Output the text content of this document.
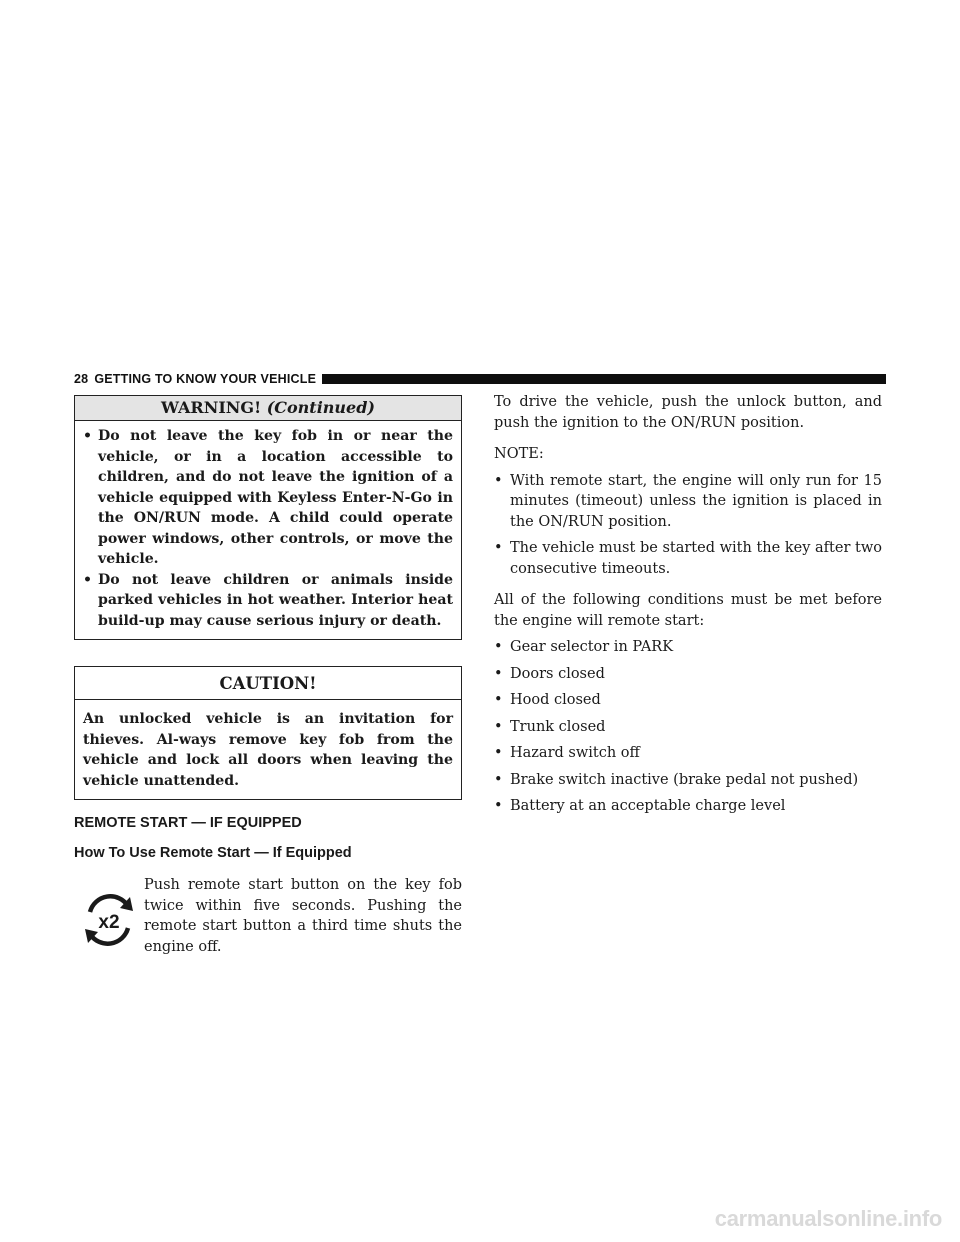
28 GETTING TO KNOW YOUR VEHICLE
WARNING! (Continued)
• Do not leave the key fob in or near the vehicle, or in a location accessible to children, and do not leave the ignition of a vehicle equipped with Keyless Enter-N-Go in the ON/RUN mode. A child could operate power windows, other controls, or move the vehicle.
• Do not leave children or animals inside parked vehicles in hot weather. Interior heat build-up may cause serious injury or death.
CAUTION!
An unlocked vehicle is an invitation for thieves. Al-ways remove key fob from the vehicle and lock all doors when leaving the vehicle unattended.
REMOTE START — IF EQUIPPED
How To Use Remote Start — If Equipped
x2
Push remote start button on the key fob twice within five seconds. Pushing the remote start button a third time shuts the engine off.

To drive the vehicle, push the unlock button, and push the ignition to the ON/RUN position.

NOTE:

• With remote start, the engine will only run for 15 minutes (timeout) unless the ignition is placed in the ON/RUN position.
• The vehicle must be started with the key after two consecutive timeouts.

All of the following conditions must be met before the engine will remote start:

• Gear selector in PARK
• Doors closed
• Hood closed
• Trunk closed
• Hazard switch off
• Brake switch inactive (brake pedal not pushed)
• Battery at an acceptable charge level
carmanualsonline.info
